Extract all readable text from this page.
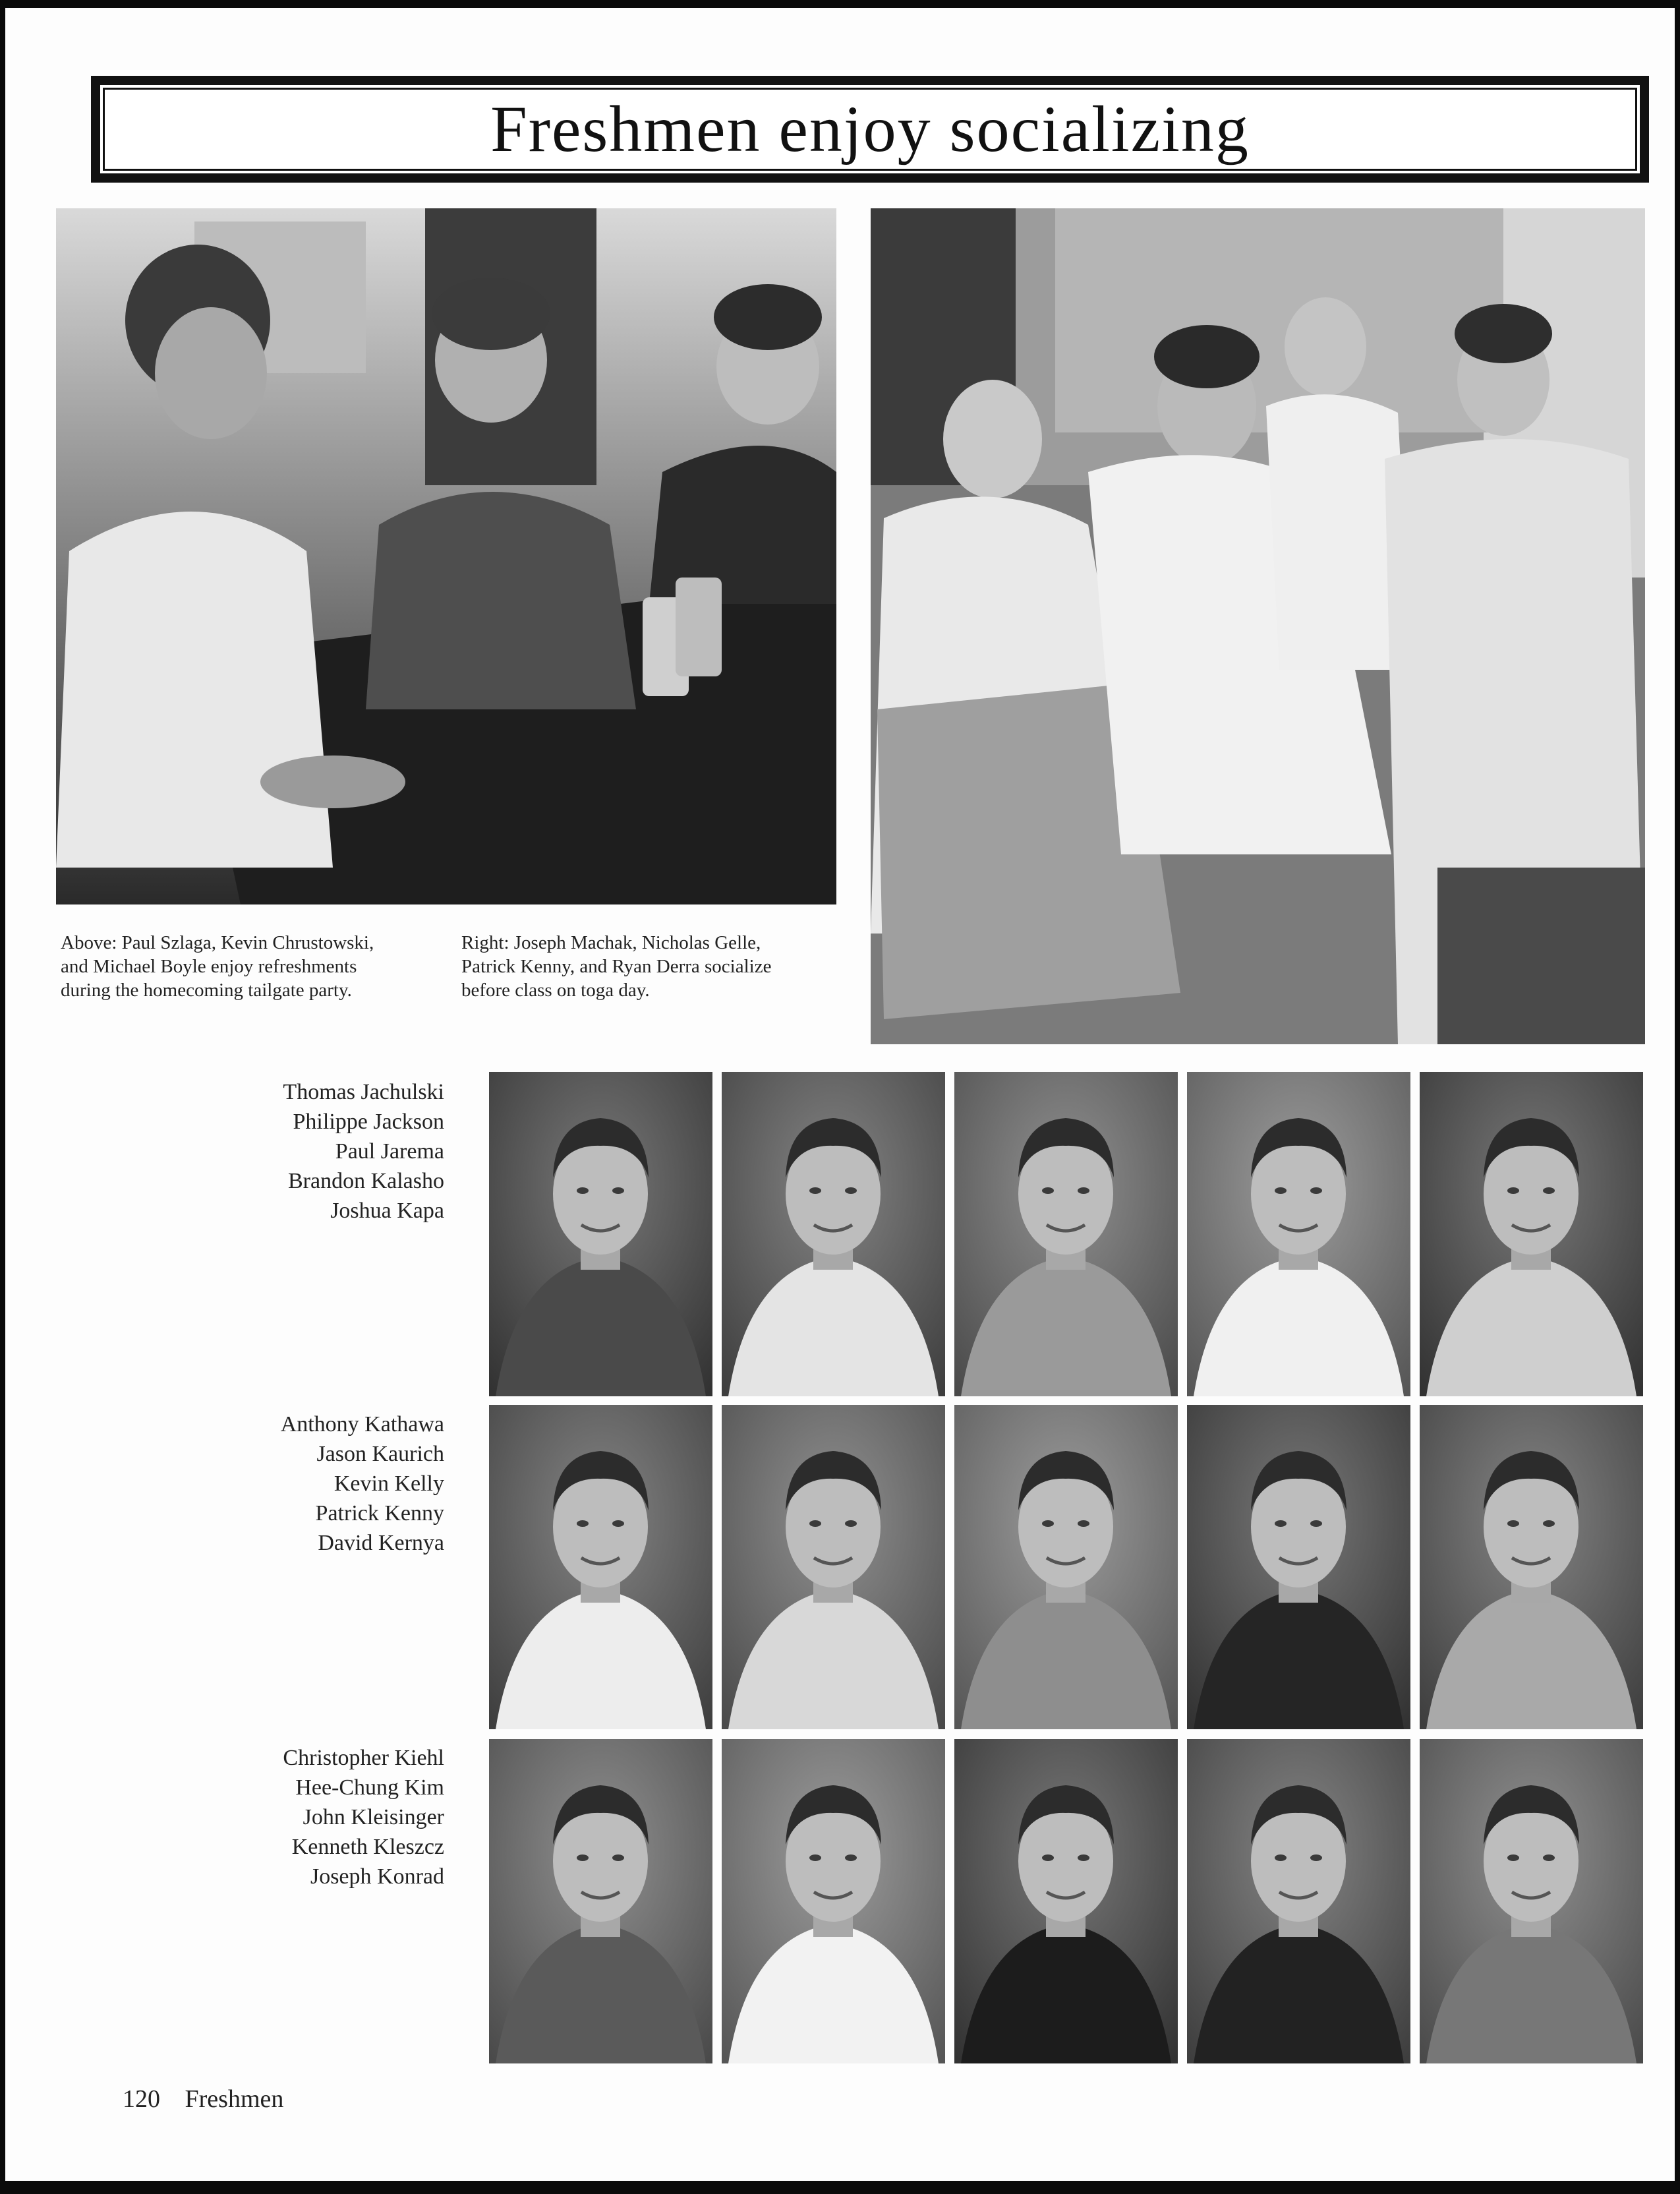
Freshmen enjoy socializing
Above: Paul Szlaga, Kevin Chrustowski,
and Michael Boyle enjoy refreshments
during the homecoming tailgate party.
Right: Joseph Machak, Nicholas Gelle,
Patrick Kenny, and Ryan Derra socialize
before class on toga day.
Thomas Jachulski
Philippe Jackson
Paul Jarema
Brandon Kalasho
Joshua Kapa
Anthony Kathawa
Jason Kaurich
Kevin Kelly
Patrick Kenny
David Kernya
Christopher Kiehl
Hee-Chung Kim
John Kleisinger
Kenneth Kleszcz
Joseph Konrad
120 Freshmen
